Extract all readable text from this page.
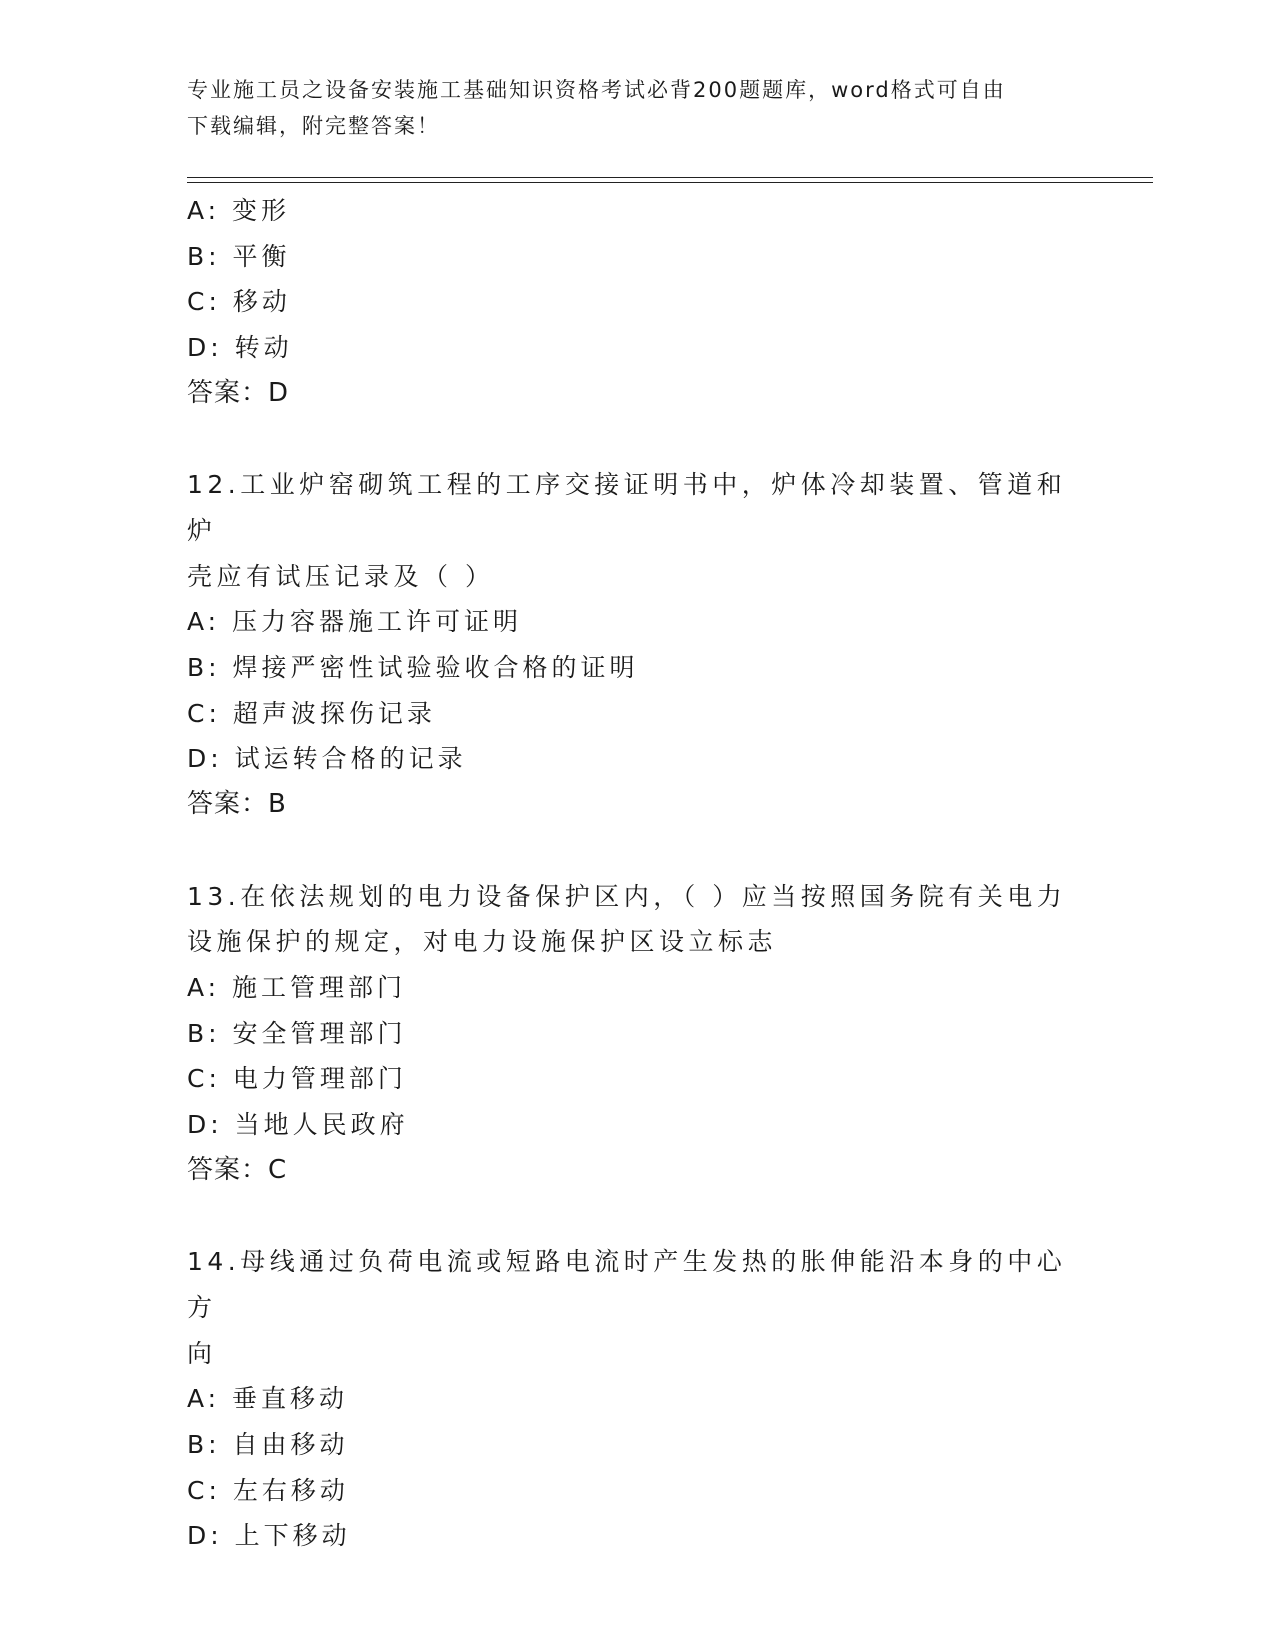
专业施工员之设备安装施工基础知识资格考试必背200题题库，word格式可自由
下载编辑，附完整答案！
A: 变形
B: 平衡
C: 移动
D: 转动
答案：D
12.工业炉窑砌筑工程的工序交接证明书中，炉体冷却装置、管道和炉
壳应有试压记录及（ ）
A: 压力容器施工许可证明
B: 焊接严密性试验验收合格的证明
C: 超声波探伤记录
D: 试运转合格的记录
答案：B
13.在依法规划的电力设备保护区内，（ ）应当按照国务院有关电力
设施保护的规定，对电力设施保护区设立标志
A: 施工管理部门
B: 安全管理部门
C: 电力管理部门
D: 当地人民政府
答案：C
14.母线通过负荷电流或短路电流时产生发热的胀伸能沿本身的中心方
向
A: 垂直移动
B: 自由移动
C: 左右移动
D: 上下移动
